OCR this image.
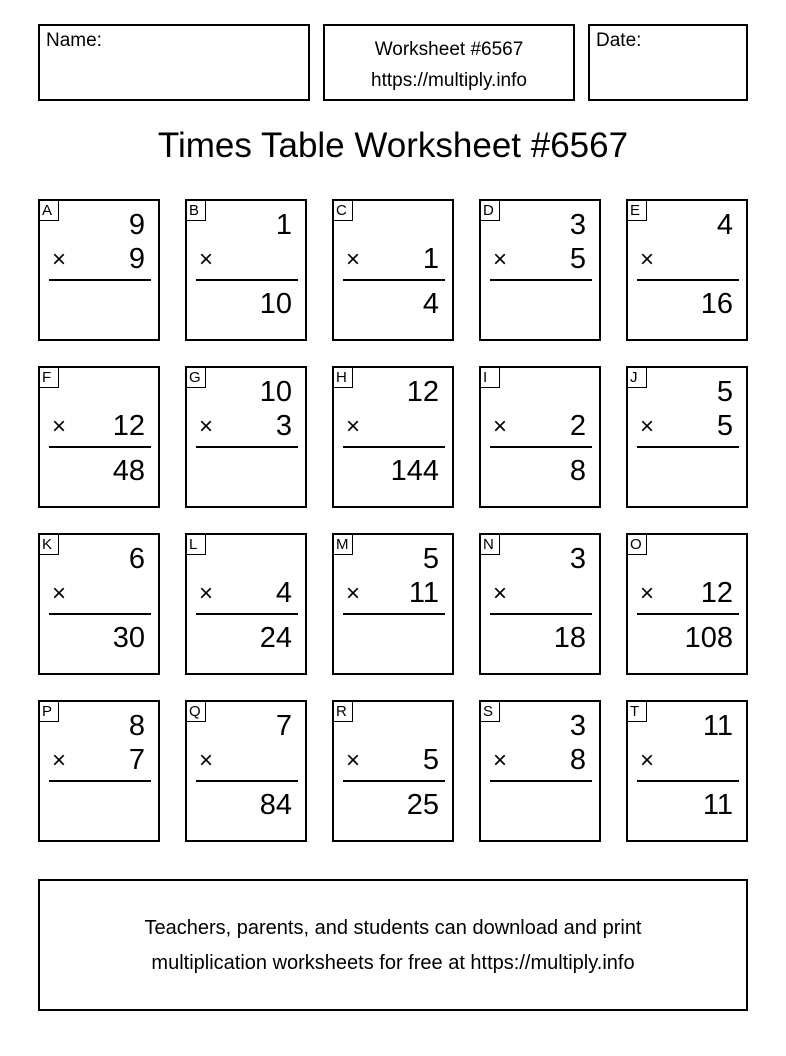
Name:	Worksheet #6567
https://multiply.info
Date:
Times Table Worksheet #6567
A	9
× 9
B	1
×
10
C
× 1
4
D	3
× 5
E	4
×
16
F
× 12
48
G 10
× 3
H 12
×
144
I
× 2
8
J	5
× 5
K	6
×
30
L
× 4
24
M	5
× 11
N	3
×
18
O
× 12
108
P	8
× 7
Q	7
×
84
R
× 5
25
S	3
× 8
T 11
×
11
Teachers, parents, and students can download and print
multiplication worksheets for free at https://multiply.info
